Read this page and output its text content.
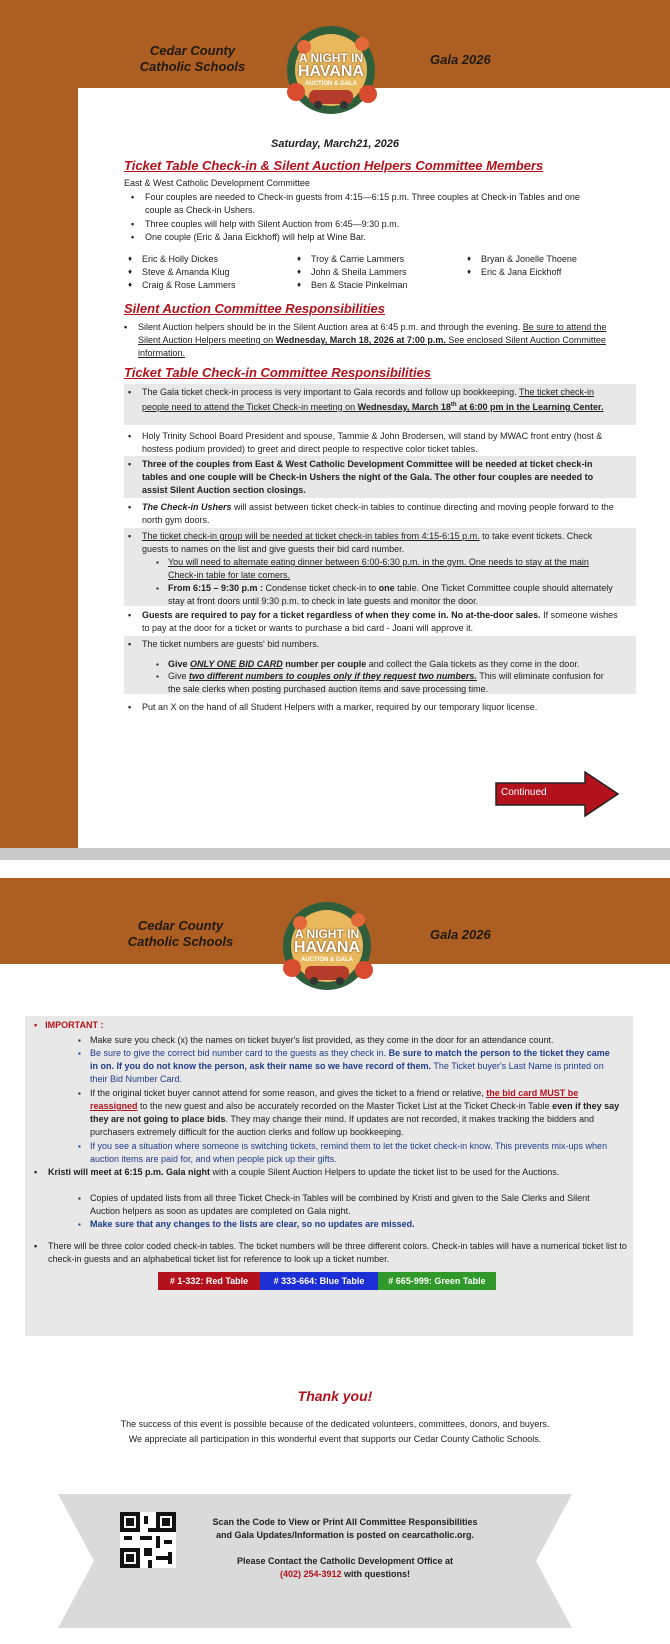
Cedar County
Catholic Schools	Gala 2026
A NIGHT IN
HAVANA
AUCTION & GALA
Saturday, March21, 2026
Ticket Table Check-in & Silent Auction Helpers Committee Members
East & West Catholic Development Committee
• Four couples are needed to Check-in guests from 4:15—6:15 p.m. Three couples at Check-in Tables and one couple as Check-in Ushers.
• Three couples will help with Silent Auction from 6:45—9:30 p.m.
• One couple (Eric & Jana Eickhoff) will help at Wine Bar.
♦ Eric & Holly Dickes
♦ Steve & Amanda Klug
♦ Craig & Rose Lammers
♦ Troy & Carrie Lammers
♦ John & Sheila Lammers
♦ Ben & Stacie Pinkelman
♦ Bryan & Jonelle Thoene
♦ Eric & Jana Eickhoff
Silent Auction Committee Responsibilities
• Silent Auction helpers should be in the Silent Auction area at 6:45 p.m. and through the evening. Be sure to attend the Silent Auction Helpers meeting on Wednesday, March 18, 2026 at 7:00 p.m. See enclosed Silent Auction Committee information.
Ticket Table Check-in Committee Responsibilities
• The Gala ticket check-in process is very important to Gala records and follow up bookkeeping. The ticket check-in people need to attend the Ticket Check-in meeting on Wednesday, March 18th at 6:00 pm in the Learning Center.
• Holy Trinity School Board President and spouse, Tammie & John Brodersen, will stand by MWAC front entry (host & hostess podium provided) to greet and direct people to respective color ticket tables.
• Three of the couples from East & West Catholic Development Committee will be needed at ticket check-in tables and one couple will be Check-in Ushers the night of the Gala. The other four couples are needed to assist Silent Auction section closings.
• The Check-in Ushers will assist between ticket check-in tables to continue directing and moving people forward to the north gym doors.
• The ticket check-in group will be needed at ticket check-in tables from 4:15-6:15 p.m. to take event tickets. Check guests to names on the list and give guests their bid card number.
▪ You will need to alternate eating dinner between 6:00-6:30 p.m. in the gym. One needs to stay at the main Check-in table for late comers.
▪ From 6:15 – 9:30 p.m : Condense ticket check-in to one table. One Ticket Committee couple should alternately stay at front doors until 9:30 p.m. to check in late guests and monitor the door.
• Guests are required to pay for a ticket regardless of when they come in. No at-the-door sales. If someone wishes to pay at the door for a ticket or wants to purchase a bid card - Joani will approve it.
• The ticket numbers are guests' bid numbers.
▪ Give ONLY ONE BID CARD number per couple and collect the Gala tickets as they come in the door.
▪ Give two different numbers to couples only if they request two numbers. This will eliminate confusion for the sale clerks when posting purchased auction items and save processing time.
• Put an X on the hand of all Student Helpers with a marker, required by our temporary liquor license.
Continued
Cedar County
Catholic Schools	Gala 2026
A NIGHT IN
HAVANA
AUCTION & GALA
• IMPORTANT :
▪ Make sure you check (x) the names on ticket buyer's list provided, as they come in the door for an attendance count.
▪ Be sure to give the correct bid number card to the guests as they check in. Be sure to match the person to the ticket they came in on. If you do not know the person, ask their name so we have record of them. The Ticket buyer's Last Name is printed on their Bid Number Card.
▪ If the original ticket buyer cannot attend for some reason, and gives the ticket to a friend or relative, the bid card MUST be reassigned to the new guest and also be accurately recorded on the Master Ticket List at the Ticket Check-in Table even if they say they are not going to place bids. They may change their mind. If updates are not recorded, it makes tracking the bidders and purchasers extremely difficult for the auction clerks and follow up bookkeeping.
▪ If you see a situation where someone is switching tickets, remind them to let the ticket check-in know. This prevents mix-ups when auction items are paid for, and when people pick up their gifts.
• Kristi will meet at 6:15 p.m. Gala night with a couple Silent Auction Helpers to update the ticket list to be used for the Auctions.
▪ Copies of updated lists from all three Ticket Check-in Tables will be combined by Kristi and given to the Sale Clerks and Silent Auction helpers as soon as updates are completed on Gala night.
▪ Make sure that any changes to the lists are clear, so no updates are missed.
• There will be three color coded check-in tables. The ticket numbers will be three different colors. Check-in tables will have a numerical ticket list to check-in guests and an alphabetical ticket list for reference to look up a ticket number.
# 1-332: Red Table	# 333-664: Blue Table	# 665-999: Green Table
Thank you!
The success of this event is possible because of the dedicated volunteers, committees, donors, and buyers.
We appreciate all participation in this wonderful event that supports our Cedar County Catholic Schools.
Scan the Code to View or Print All Committee Responsibilities
and Gala Updates/Information is posted on cearcatholic.org.
Please Contact the Catholic Development Office at
(402) 254-3912 with questions!
